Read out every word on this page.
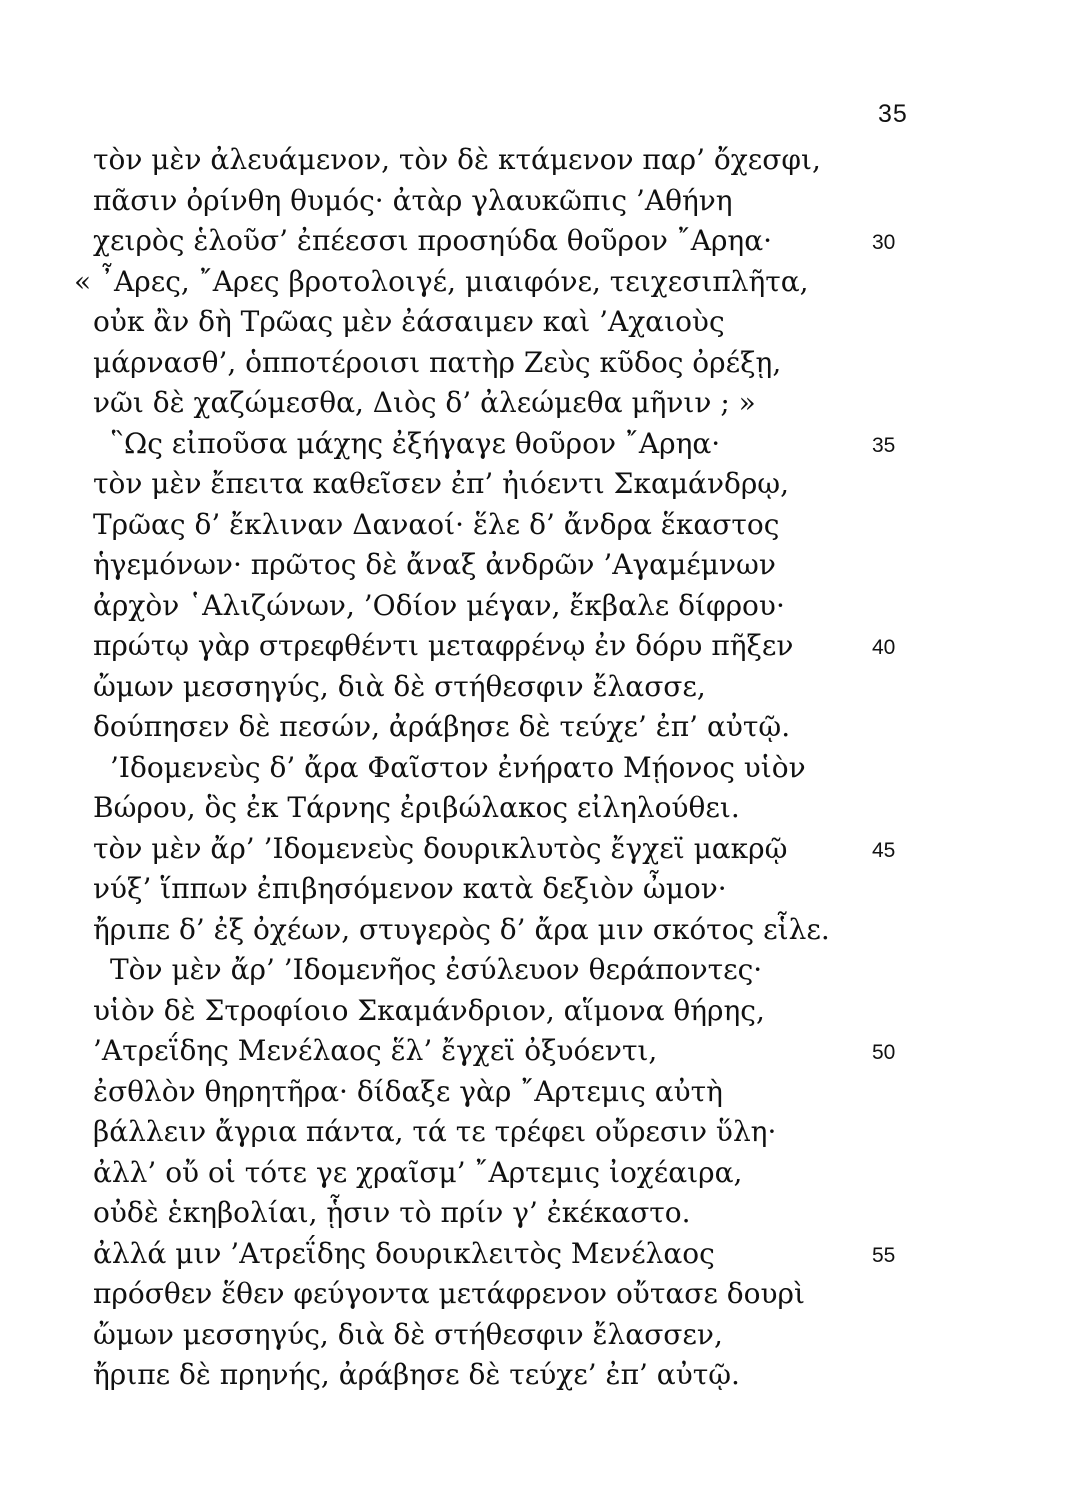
35
τὸν μὲν ἀλευάμενον, τὸν δὲ κτάμενον παρ’ ὄχεσφι,
πᾶσιν ὀρίνθη θυμός· ἀτὰρ γλαυκῶπις ’Αθήνη
χειρὸς ἑλοῦσ’ ἐπέεσσι προσηύδα θοῦρον ῎Αρηα·	30
« ῏Αρες, ῎Αρες βροτολοιγέ, μιαιφόνε, τειχεσιπλῆτα,
οὐκ ἂν δὴ Τρῶας μὲν ἐάσαιμεν καὶ ’Αχαιοὺς
μάρνασθ’, ὁπποτέροισι πατὴρ Ζεὺς κῦδος ὀρέξῃ,
νῶι δὲ χαζώμεσθα, Διὸς δ’ ἀλεώμεθα μῆνιν ; »
῝Ως εἰποῦσα μάχης ἐξήγαγε θοῦρον ῎Αρηα·	35
τὸν μὲν ἔπειτα καθεῖσεν ἐπ’ ἠιόεντι Σκαμάνδρῳ,
Τρῶας δ’ ἔκλιναν Δαναοί· ἕλε δ’ ἄνδρα ἕκαστος
ἡγεμόνων· πρῶτος δὲ ἄναξ ἀνδρῶν ’Αγαμέμνων
ἀρχὸν ῾Αλιζώνων, ’Οδίον μέγαν, ἔκβαλε δίφρου·
πρώτῳ γὰρ στρεφθέντι μεταφρένῳ ἐν δόρυ πῆξεν	40
ὤμων μεσσηγύς, διὰ δὲ στήθεσφιν ἔλασσε,
δούπησεν δὲ πεσών, ἀράβησε δὲ τεύχε’ ἐπ’ αὐτῷ.
’Ιδομενεὺς δ’ ἄρα Φαῖστον ἐνήρατο Μῄονος υἱὸν
Βώρου, ὃς ἐκ Τάρνης ἐριβώλακος εἰληλούθει.
τὸν μὲν ἄρ’ ’Ιδομενεὺς δουρικλυτὸς ἔγχεϊ μακρῷ	45
νύξ’ ἵππων ἐπιβησόμενον κατὰ δεξιὸν ὦμον·
ἤριπε δ’ ἐξ ὀχέων, στυγερὸς δ’ ἄρα μιν σκότος εἷλε.
Τὸν μὲν ἄρ’ ’Ιδομενῆος ἐσύλευον θεράποντες·
υἱὸν δὲ Στροφίοιο Σκαμάνδριον, αἵμονα θήρης,
’Ατρεΐδης Μενέλαος ἕλ’ ἔγχεϊ ὀξυόεντι,	50
ἐσθλὸν θηρητῆρα· δίδαξε γὰρ ῎Αρτεμις αὐτὴ
βάλλειν ἄγρια πάντα, τά τε τρέφει οὔρεσιν ὕλη·
ἀλλ’ οὔ οἱ τότε γε χραῖσμ’ ῎Αρτεμις ἰοχέαιρα,
οὐδὲ ἑκηβολίαι, ᾗσιν τὸ πρίν γ’ ἐκέκαστο.
ἀλλά μιν ’Ατρεΐδης δουρικλειτὸς Μενέλαος	55
πρόσθεν ἕθεν φεύγοντα μετάφρενον οὔτασε δουρὶ
ὤμων μεσσηγύς, διὰ δὲ στήθεσφιν ἔλασσεν,
ἤριπε δὲ πρηνής, ἀράβησε δὲ τεύχε’ ἐπ’ αὐτῷ.
